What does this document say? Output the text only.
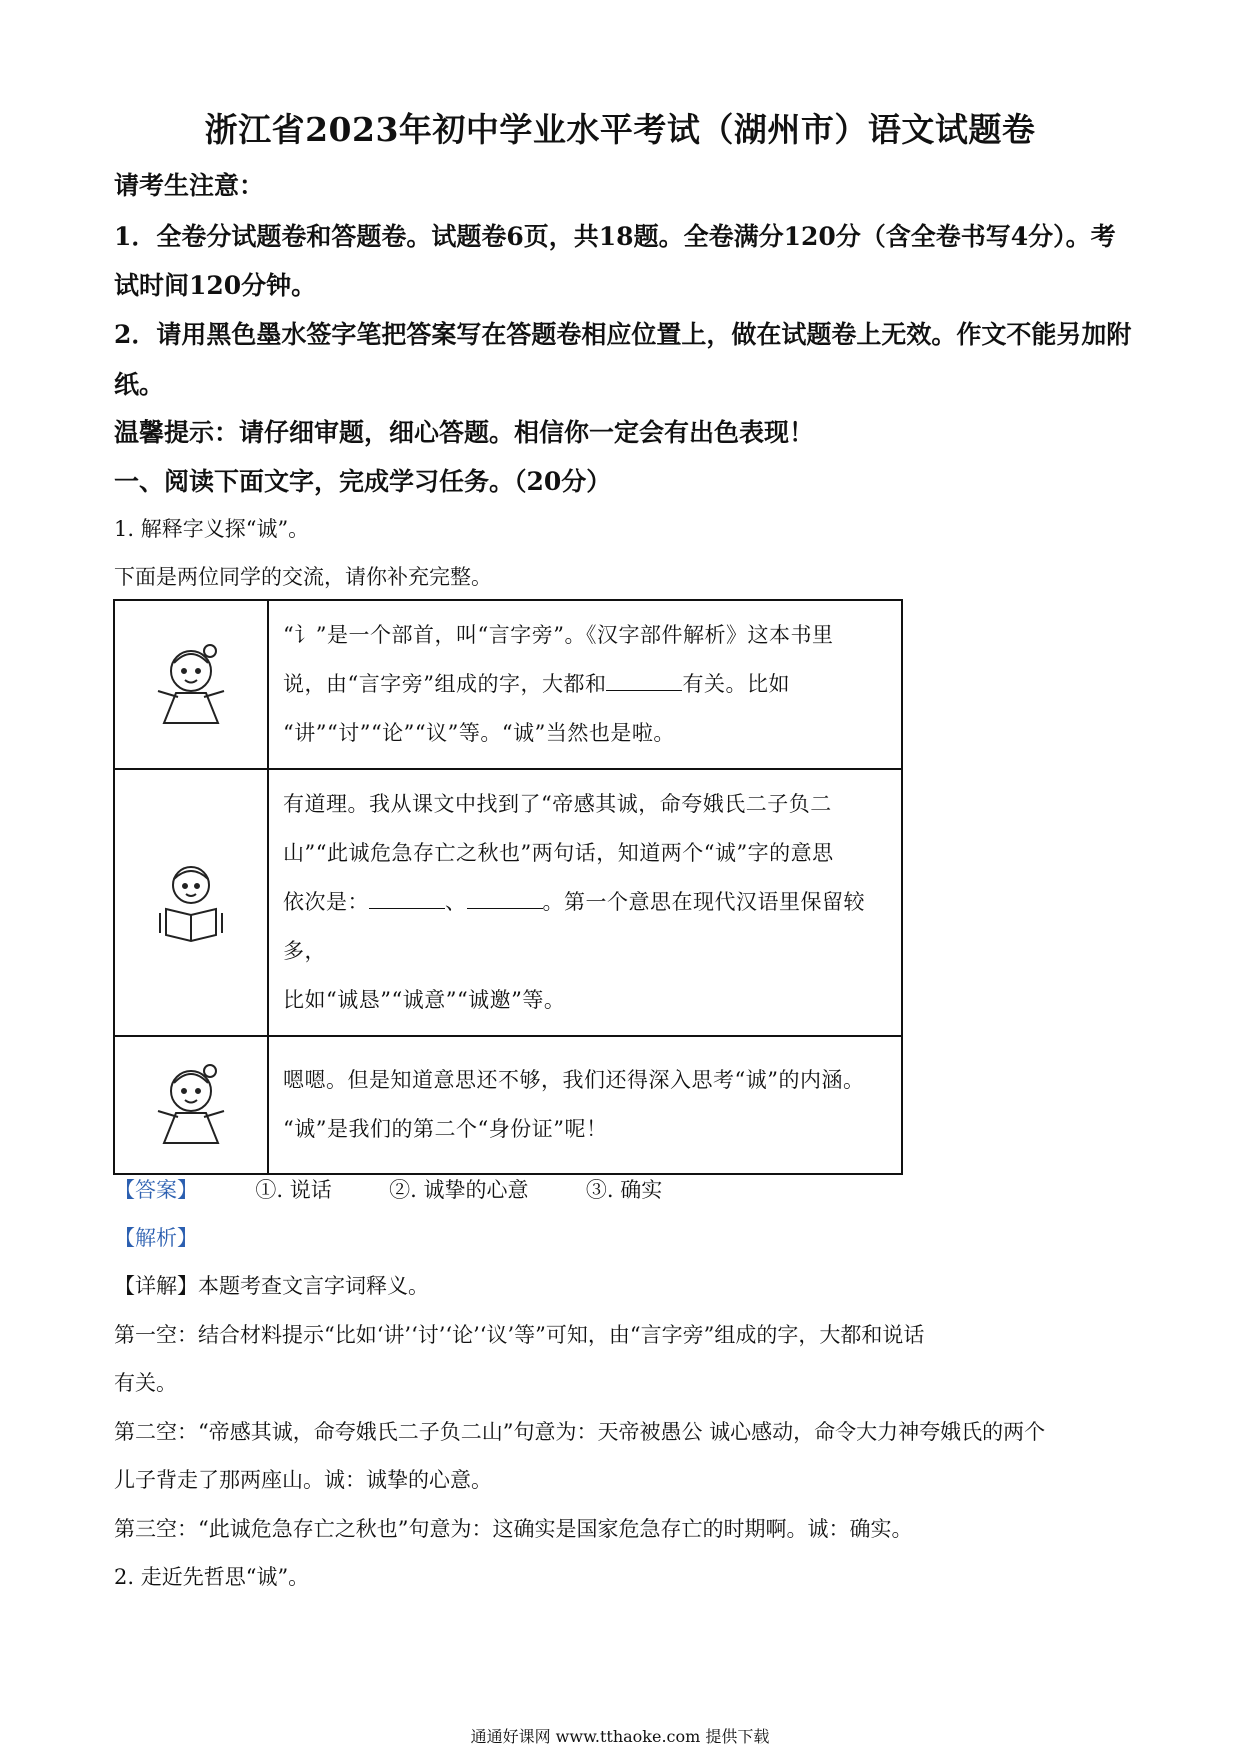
浙江省2023年初中学业水平考试（湖州市）语文试题卷
请考生注意：
1．全卷分试题卷和答题卷。试题卷6页，共18题。全卷满分120分（含全卷书写4分）。考
试时间120分钟。
2．请用黑色墨水签字笔把答案写在答题卷相应位置上，做在试题卷上无效。作文不能另加附
纸。
温馨提示：请仔细审题，细心答题。相信你一定会有出色表现！
一、阅读下面文字，完成学习任务。（20分）
1. 解释字义探“诚”。
下面是两位同学的交流，请你补充完整。

“讠”是一个部首，叫“言字旁”。《汉字部件解析》这本书里
说，由“言字旁”组成的字，大都和 有关。比如
“讲”“讨”“论”“议”等。“诚”当然也是啦。

有道理。我从课文中找到了“帝感其诚，命夸娥氏二子负二
山”“此诚危急存亡之秋也”两句话，知道两个“诚”字的意思
依次是： 、 。第一个意思在现代汉语里保留较多，
比如“诚恳”“诚意”“诚邀”等。

嗯嗯。但是知道意思还不够，我们还得深入思考“诚”的内涵。
“诚”是我们的第二个“身份证”呢！
【答案】	①. 说话	②. 诚挚的心意	③. 确实
【解析】
【详解】本题考查文言字词释义。
第一空：结合材料提示“比如‘讲’‘讨’‘论’‘议’等”可知，由“言字旁”组成的字，大都和说话
有关。
第二空：“帝感其诚，命夸娥氏二子负二山”句意为：天帝被愚公 诚心感动，命令大力神夸娥氏的两个
儿子背走了那两座山。诚：诚挚的心意。
第三空：“此诚危急存亡之秋也”句意为：这确实是国家危急存亡的时期啊。诚：确实。
2. 走近先哲思“诚”。
通通好课网 www.tthaoke.com 提供下载
